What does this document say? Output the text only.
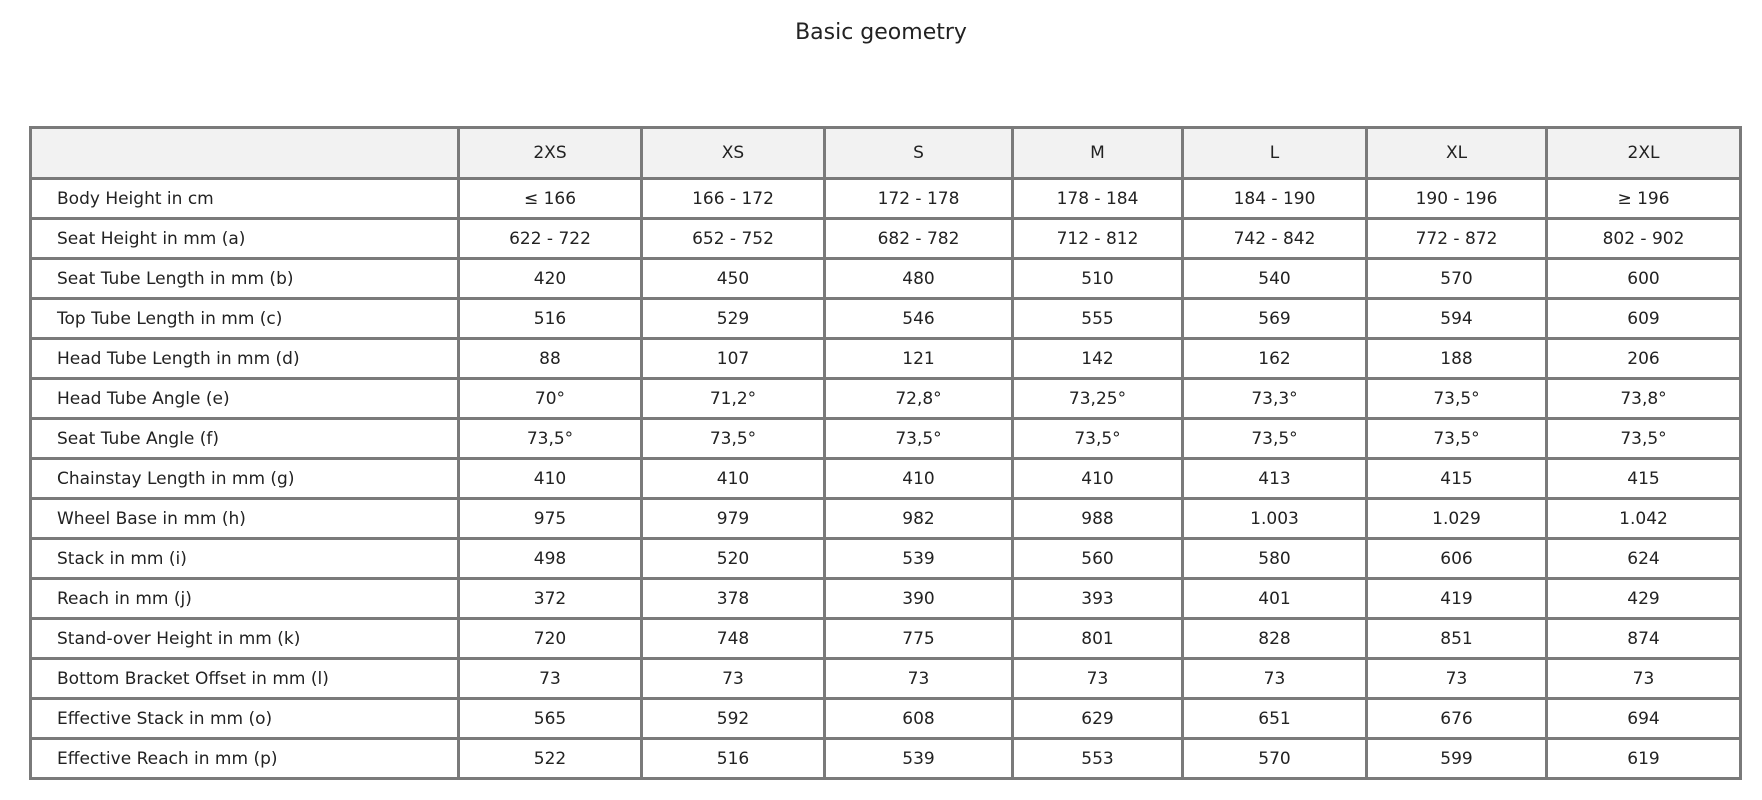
Basic geometry
	2XS	XS	S	M	L	XL	2XL
Body Height in cm	≤ 166	166 - 172	172 - 178	178 - 184	184 - 190	190 - 196	≥ 196
Seat Height in mm (a)	622 - 722	652 - 752	682 - 782	712 - 812	742 - 842	772 - 872	802 - 902
Seat Tube Length in mm (b)	420	450	480	510	540	570	600
Top Tube Length in mm (c)	516	529	546	555	569	594	609
Head Tube Length in mm (d)	88	107	121	142	162	188	206
Head Tube Angle (e)	70°	71,2°	72,8°	73,25°	73,3°	73,5°	73,8°
Seat Tube Angle (f)	73,5°	73,5°	73,5°	73,5°	73,5°	73,5°	73,5°
Chainstay Length in mm (g)	410	410	410	410	413	415	415
Wheel Base in mm (h)	975	979	982	988	1.003	1.029	1.042
Stack in mm (i)	498	520	539	560	580	606	624
Reach in mm (j)	372	378	390	393	401	419	429
Stand-over Height in mm (k)	720	748	775	801	828	851	874
Bottom Bracket Offset in mm (l)	73	73	73	73	73	73	73
Effective Stack in mm (o)	565	592	608	629	651	676	694
Effective Reach in mm (p)	522	516	539	553	570	599	619
